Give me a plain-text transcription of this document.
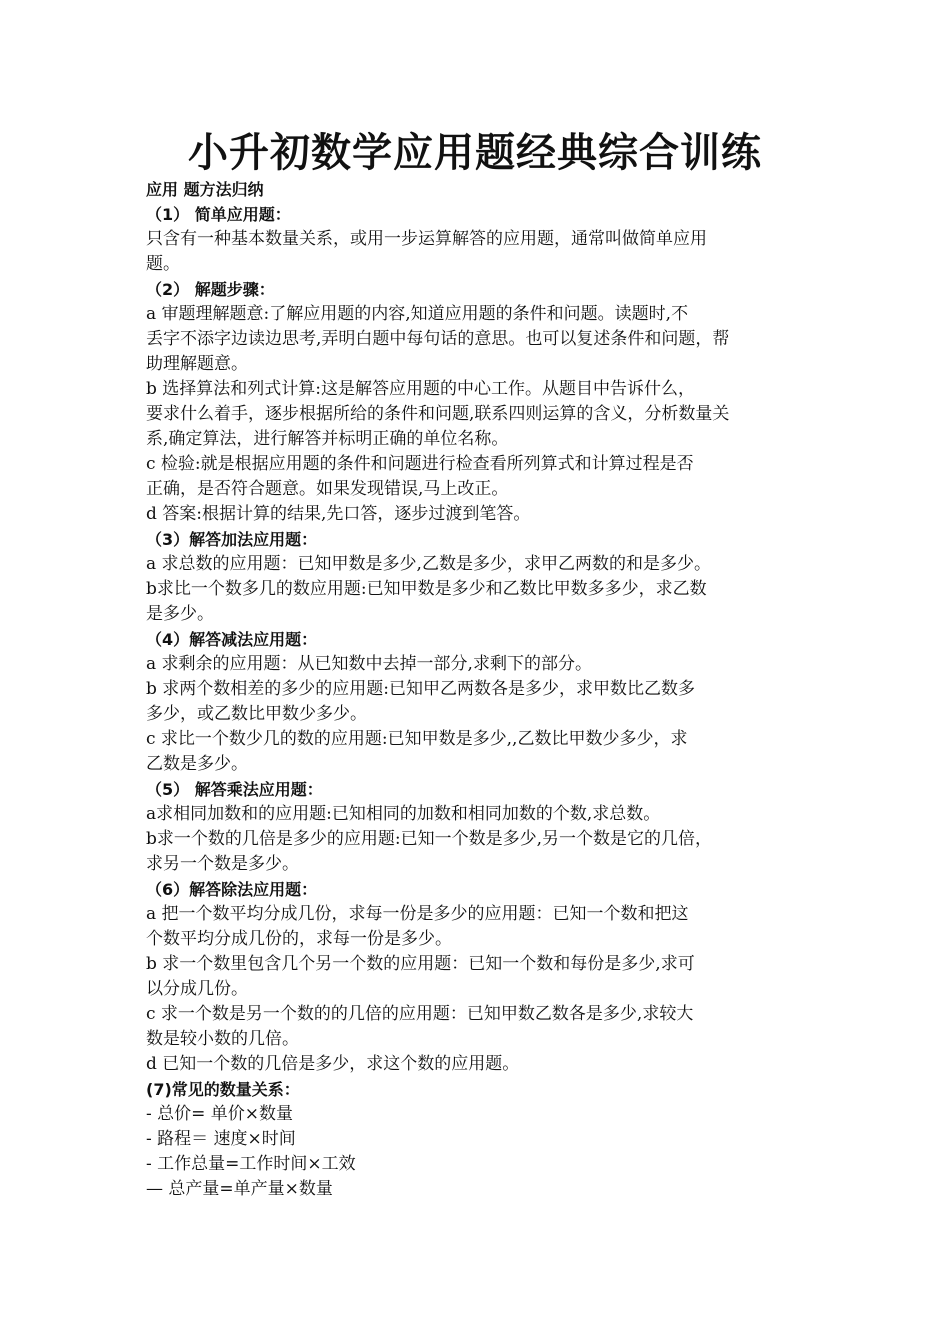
小升初数学应用题经典综合训练
应用 题方法归纳
（1） 简单应用题：
只含有一种基本数量关系，或用一步运算解答的应用题，通常叫做简单应用
题。
（2） 解题步骤：
a 审题理解题意:了解应用题的内容,知道应用题的条件和问题。读题时,不
丢字不添字边读边思考,弄明白题中每句话的意思。也可以复述条件和问题，帮
助理解题意。
b 选择算法和列式计算:这是解答应用题的中心工作。从题目中告诉什么，
要求什么着手，逐步根据所给的条件和问题,联系四则运算的含义，分析数量关
系,确定算法，进行解答并标明正确的单位名称。
c 检验:就是根据应用题的条件和问题进行检查看所列算式和计算过程是否
正确，是否符合题意。如果发现错误,马上改正。
d 答案:根据计算的结果,先口答，逐步过渡到笔答。
（3）解答加法应用题：
a 求总数的应用题：已知甲数是多少,乙数是多少，求甲乙两数的和是多少。
b求比一个数多几的数应用题:已知甲数是多少和乙数比甲数多多少，求乙数
是多少。
（4）解答减法应用题：
a 求剩余的应用题：从已知数中去掉一部分,求剩下的部分。
b 求两个数相差的多少的应用题:已知甲乙两数各是多少，求甲数比乙数多
多少，或乙数比甲数少多少。
c 求比一个数少几的数的应用题:已知甲数是多少,,乙数比甲数少多少，求
乙数是多少。
（5） 解答乘法应用题：
a求相同加数和的应用题:已知相同的加数和相同加数的个数,求总数。
b求一个数的几倍是多少的应用题:已知一个数是多少,另一个数是它的几倍，
求另一个数是多少。
（6）解答除法应用题：
a 把一个数平均分成几份，求每一份是多少的应用题：已知一个数和把这
个数平均分成几份的，求每一份是多少。
b 求一个数里包含几个另一个数的应用题：已知一个数和每份是多少,求可
以分成几份。
c 求一个数是另一个数的的几倍的应用题：已知甲数乙数各是多少,求较大
数是较小数的几倍。
d 已知一个数的几倍是多少，求这个数的应用题。
(7)常见的数量关系：
- 总价= 单价×数量
- 路程＝ 速度×时间
- 工作总量=工作时间×工效
— 总产量=单产量×数量
